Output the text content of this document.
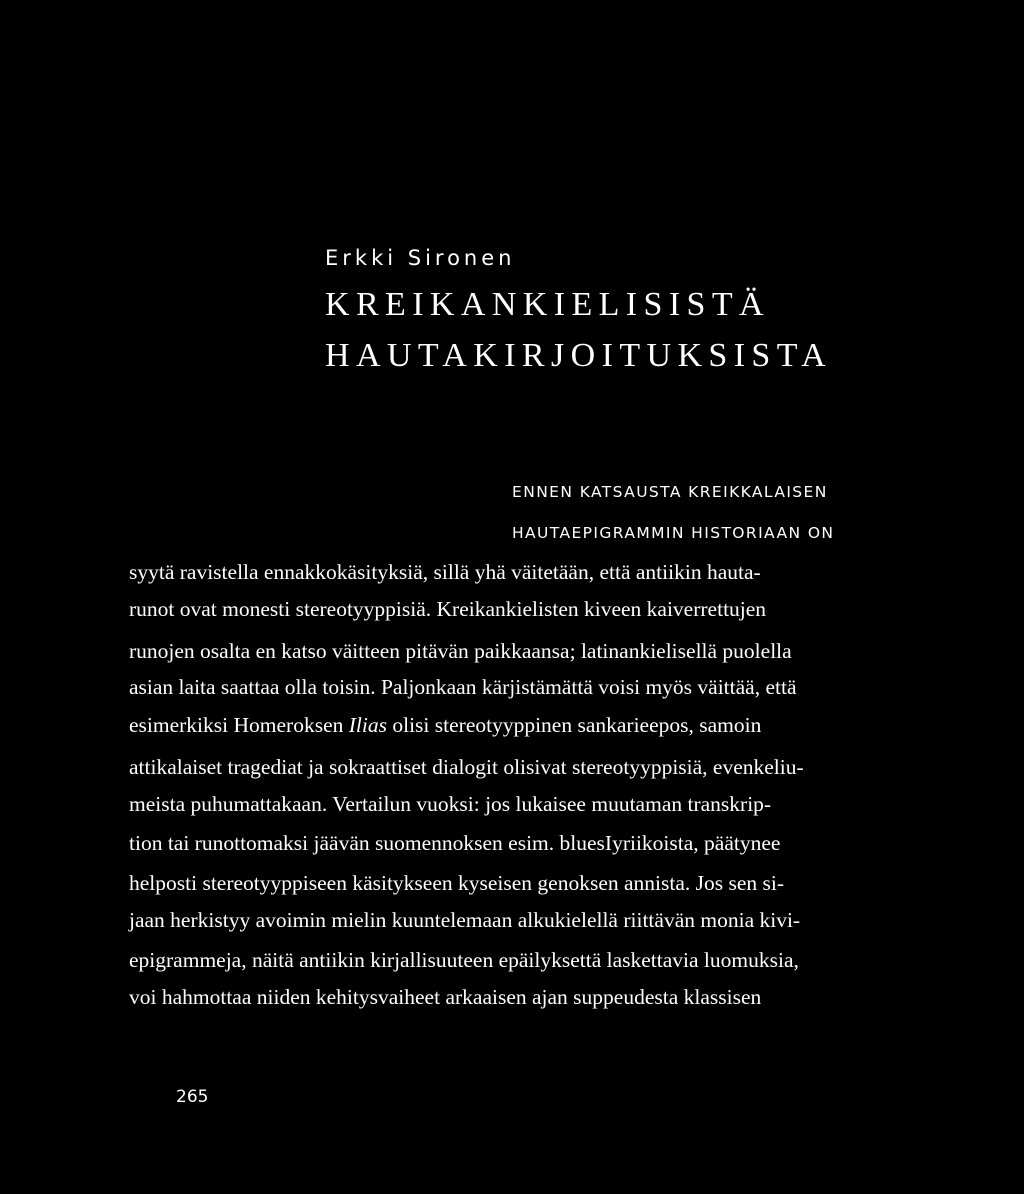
Erkki Sironen
KREIKANKIELISISTÄ
HAUTAKIRJOITUKSISTA
ENNEN KATSAUSTA KREIKKALAISEN
HAUTAEPIGRAMMIN HISTORIAAN ON
syytä ravistella ennakkokäsityksiä, sillä yhä väitetään, että antiikin hauta-
runot ovat monesti stereotyyppisiä. Kreikankielisten kiveen kaiverrettujen
runojen osalta en katso väitteen pitävän paikkaansa; latinankielisellä puolella
asian laita saattaa olla toisin. Paljonkaan kärjistämättä voisi myös väittää, että
esimerkiksi Homeroksen Ilias olisi stereotyyppinen sankarieepos, samoin
attikalaiset tragediat ja sokraattiset dialogit olisivat stereotyyppisiä, evenkeliu-
meista puhumattakaan. Vertailun vuoksi: jos lukaisee muutaman transkrip-
tion tai runottomaksi jäävän suomennoksen esim. bluesIyriikoista, päätynee
helposti stereotyyppiseen käsitykseen kyseisen genoksen annista. Jos sen si-
jaan herkistyy avoimin mielin kuuntelemaan alkukielellä riittävän monia kivi-
epigrammeja, näitä antiikin kirjallisuuteen epäilyksettä laskettavia luomuksia,
voi hahmottaa niiden kehitysvaiheet arkaaisen ajan suppeudesta klassisen
265
